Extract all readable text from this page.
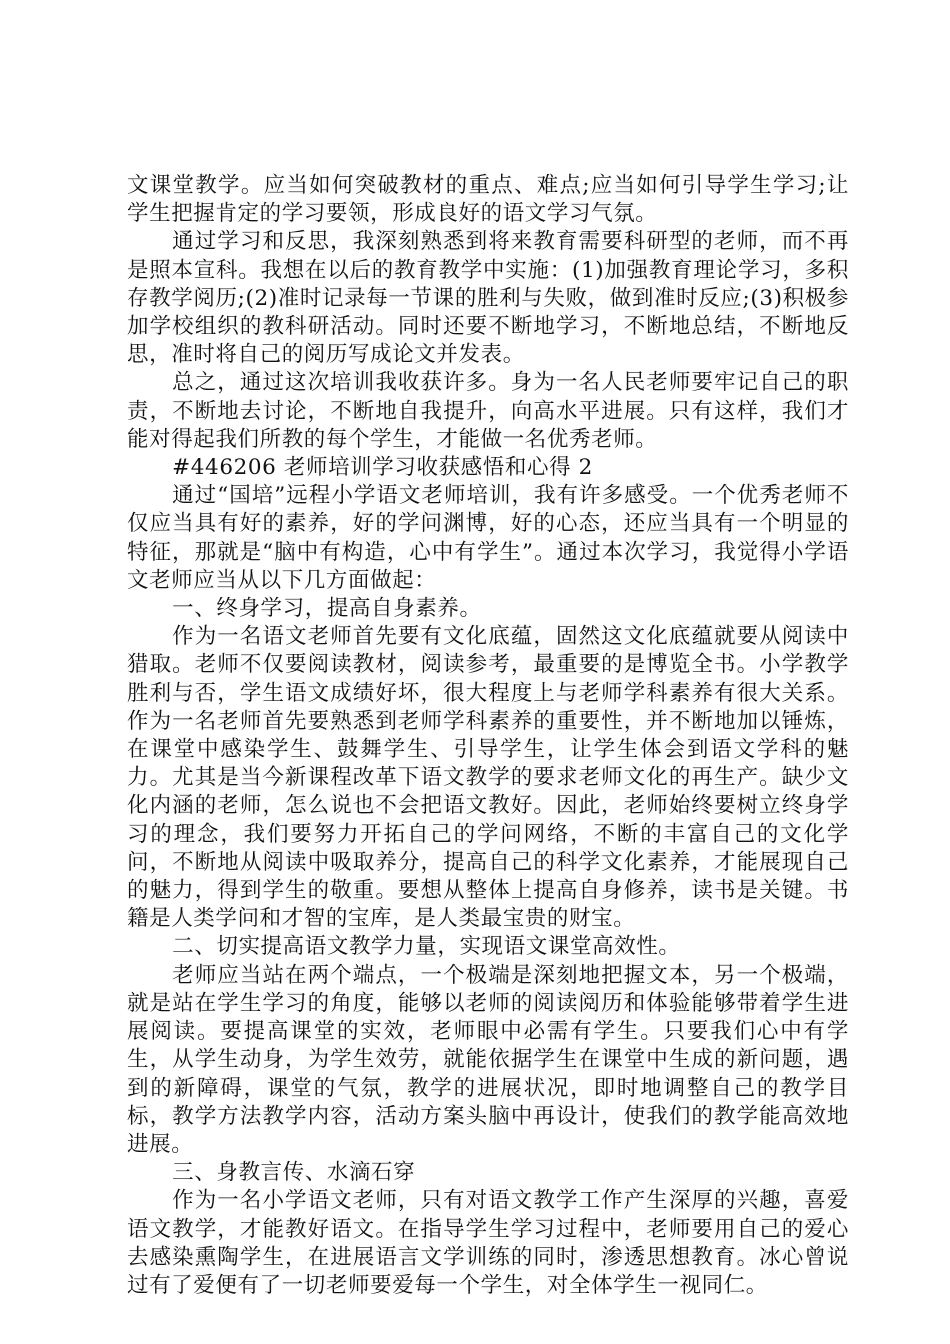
文课堂教学。应当如何突破教材的重点、难点;应当如何引导学生学习;让学生把握肯定的学习要领，形成良好的语文学习气氛。

通过学习和反思，我深刻熟悉到将来教育需要科研型的老师，而不再是照本宣科。我想在以后的教育教学中实施：(1)加强教育理论学习，多积存教学阅历;(2)准时记录每一节课的胜利与失败，做到准时反应;(3)积极参加学校组织的教科研活动。同时还要不断地学习，不断地总结，不断地反思，准时将自己的阅历写成论文并发表。

总之，通过这次培训我收获许多。身为一名人民老师要牢记自己的职责，不断地去讨论，不断地自我提升，向高水平进展。只有这样，我们才能对得起我们所教的每个学生，才能做一名优秀老师。

#446206 老师培训学习收获感悟和心得 2

通过“国培”远程小学语文老师培训，我有许多感受。一个优秀老师不仅应当具有好的素养，好的学问渊博，好的心态，还应当具有一个明显的特征，那就是“脑中有构造，心中有学生”。通过本次学习，我觉得小学语文老师应当从以下几方面做起：

一、终身学习，提高自身素养。

作为一名语文老师首先要有文化底蕴，固然这文化底蕴就要从阅读中猎取。老师不仅要阅读教材，阅读参考，最重要的是博览全书。小学教学胜利与否，学生语文成绩好坏，很大程度上与老师学科素养有很大关系。作为一名老师首先要熟悉到老师学科素养的重要性，并不断地加以锤炼，在课堂中感染学生、鼓舞学生、引导学生，让学生体会到语文学科的魅力。尤其是当今新课程改革下语文教学的要求老师文化的再生产。缺少文化内涵的老师，怎么说也不会把语文教好。因此，老师始终要树立终身学习的理念，我们要努力开拓自己的学问网络，不断的丰富自己的文化学问，不断地从阅读中吸取养分，提高自己的科学文化素养，才能展现自己的魅力，得到学生的敬重。要想从整体上提高自身修养，读书是关键。书籍是人类学问和才智的宝库，是人类最宝贵的财宝。

二、切实提高语文教学力量，实现语文课堂高效性。

老师应当站在两个端点，一个极端是深刻地把握文本，另一个极端，就是站在学生学习的角度，能够以老师的阅读阅历和体验能够带着学生进展阅读。要提高课堂的实效，老师眼中必需有学生。只要我们心中有学生，从学生动身，为学生效劳，就能依据学生在课堂中生成的新问题，遇到的新障碍，课堂的气氛，教学的进展状况，即时地调整自己的教学目标，教学方法教学内容，活动方案头脑中再设计，使我们的教学能高效地进展。

三、身教言传、水滴石穿

作为一名小学语文老师，只有对语文教学工作产生深厚的兴趣，喜爱语文教学，才能教好语文。在指导学生学习过程中，老师要用自己的爱心去感染熏陶学生，在进展语言文学训练的同时，渗透思想教育。冰心曾说过有了爱便有了一切老师要爱每一个学生，对全体学生一视同仁。
